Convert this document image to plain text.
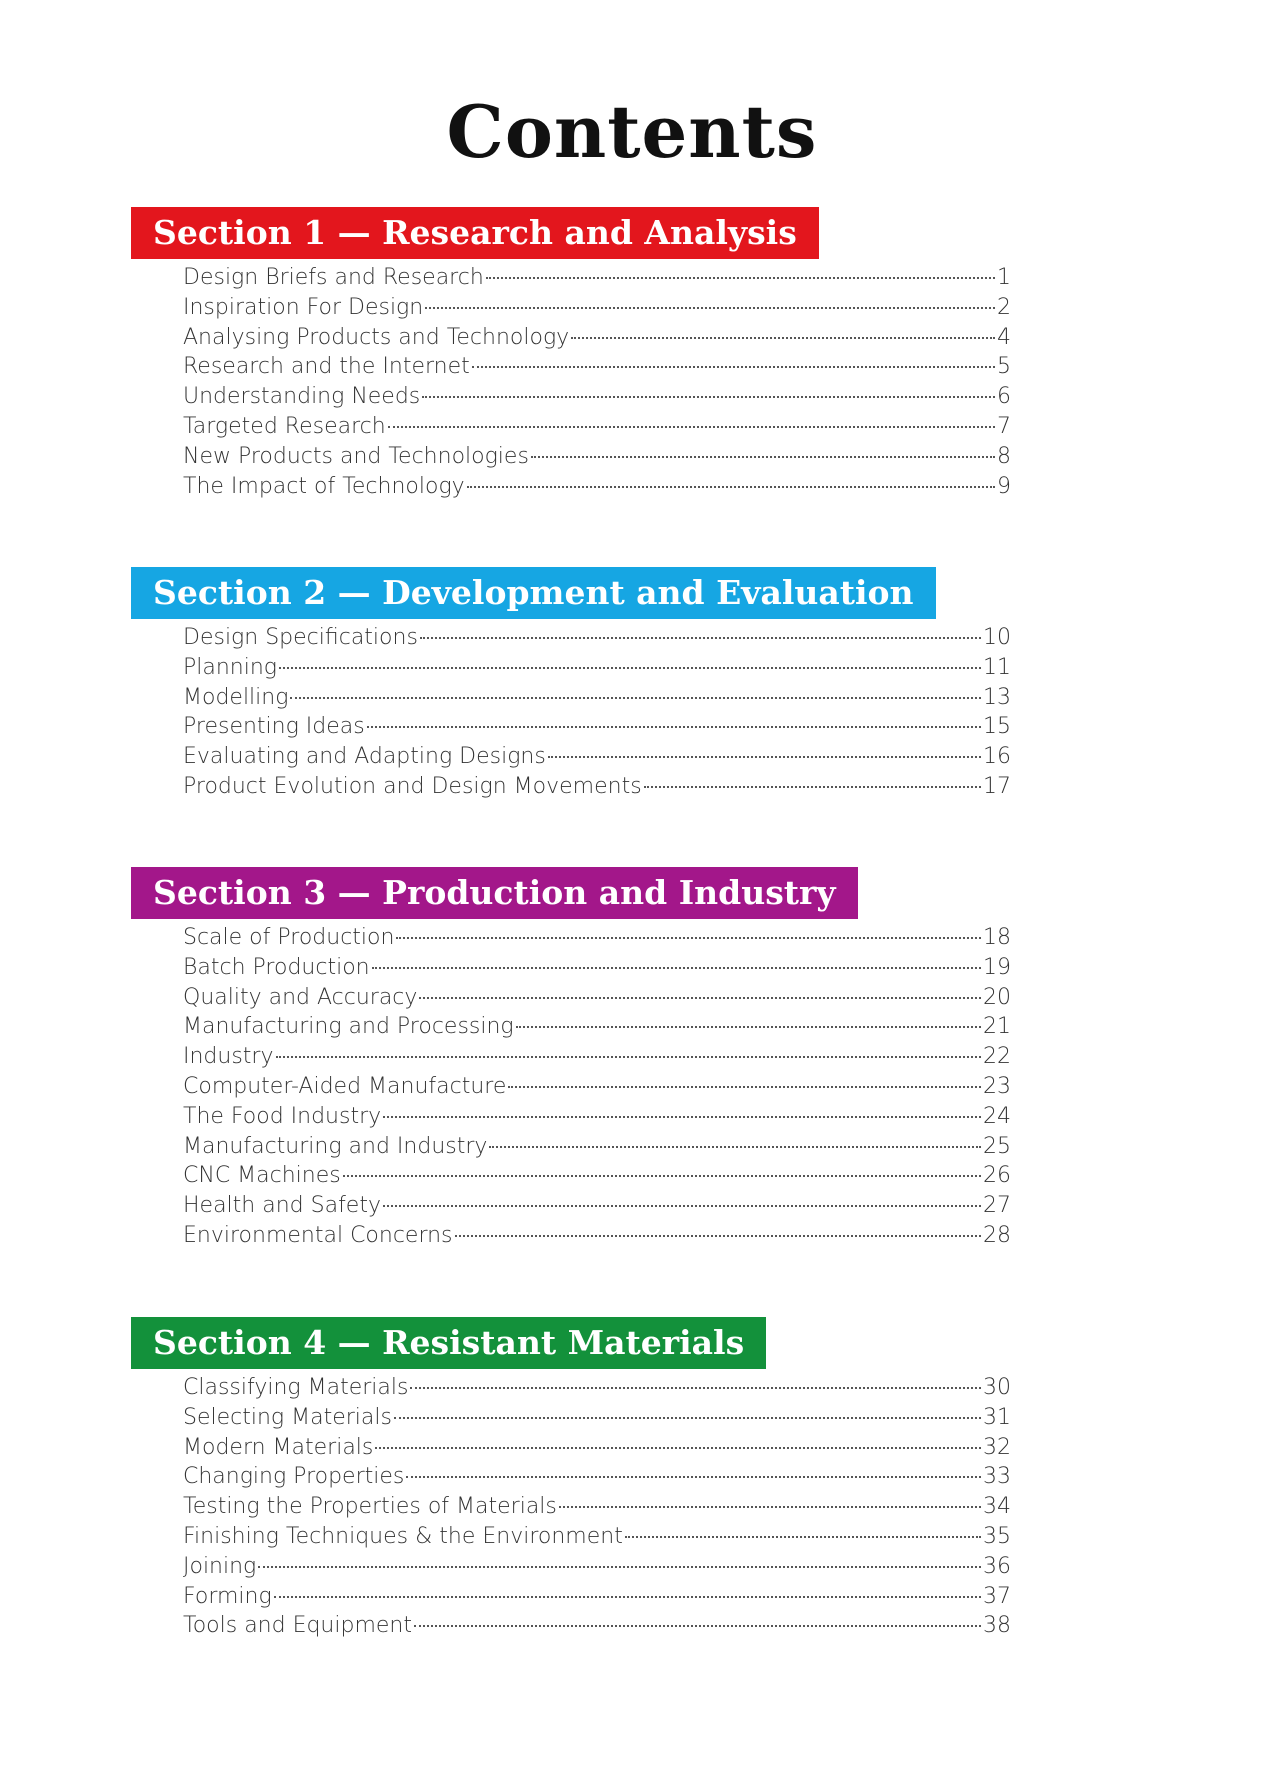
Contents
Section 1 — Research and Analysis
Design Briefs and Research	1
Inspiration For Design	2
Analysing Products and Technology	4
Research and the Internet	5
Understanding Needs	6
Targeted Research	7
New Products and Technologies	8
The Impact of Technology	9
Section 2 — Development and Evaluation
Design Specifications	10
Planning	11
Modelling	13
Presenting Ideas	15
Evaluating and Adapting Designs	16
Product Evolution and Design Movements	17
Section 3 — Production and Industry
Scale of Production	18
Batch Production	19
Quality and Accuracy	20
Manufacturing and Processing	21
Industry	22
Computer-Aided Manufacture	23
The Food Industry	24
Manufacturing and Industry	25
CNC Machines	26
Health and Safety	27
Environmental Concerns	28
Section 4 — Resistant Materials
Classifying Materials	30
Selecting Materials	31
Modern Materials	32
Changing Properties	33
Testing the Properties of Materials	34
Finishing Techniques & the Environment	35
Joining	36
Forming	37
Tools and Equipment	38
